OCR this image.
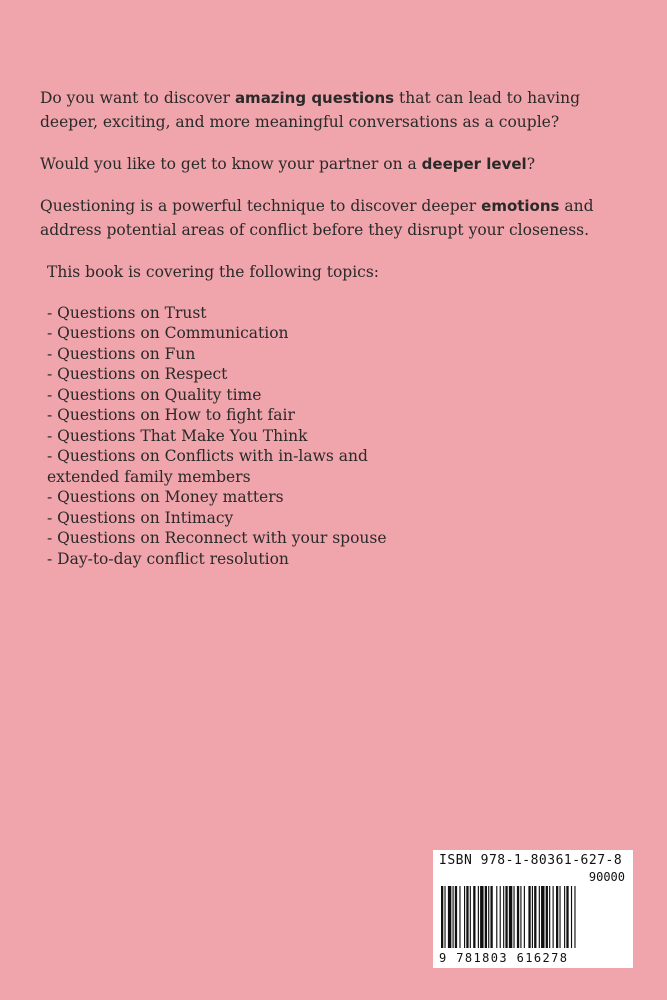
Do you want to discover amazing questions that can lead to having deeper, exciting, and more meaningful conversations as a couple?

Would you like to get to know your partner on a deeper level?

Questioning is a powerful technique to discover deeper emotions and address potential areas of conflict before they disrupt your closeness.

This book is covering the following topics:

- Questions on Trust
- Questions on Communication
- Questions on Fun
- Questions on Respect
- Questions on Quality time
- Questions on How to fight fair
- Questions That Make You Think
- Questions on Conflicts with in-laws and
extended family members
- Questions on Money matters
- Questions on Intimacy
- Questions on Reconnect with your spouse
- Day-to-day conflict resolution
ISBN 978-1-80361-627-8
90000
9 781803 616278
